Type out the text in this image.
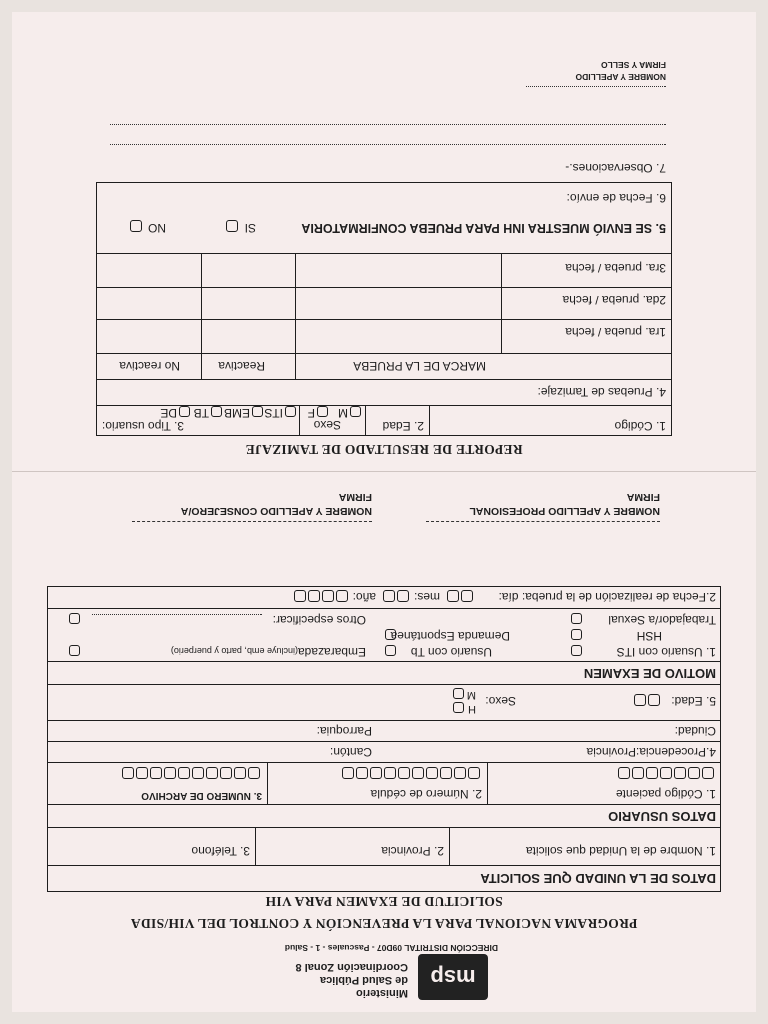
msp
Ministerio
de Salud Pública
Coordinación Zonal 8
DIRECCIÓN DISTRITAL 09D07 - Pascuales - 1 - Salud
PROGRAMA NACIONAL PARA LA PREVENCIÓN Y CONTROL DEL VIH/SIDA
SOLICITUD DE EXAMEN PARA VIH
DATOS DE LA UNIDAD QUE SOLICITA
1. Nombre de la Unidad que solicita
2. Provincia
3. Teléfono
DATOS USUARIO
1. Código paciente
2. Número de cédula
3. NUMERO DE ARCHIVO
4.Procedencia:Provincia
Cantón:
Ciudad:
Parroquia:
5. Edad:
Sexo:
H
M
MOTIVO DE EXAMEN
1. Usuario con ITS
HSH
Trabajador/a Sexual
Usuario con Tb
Demanda Espontánea
Embarazada(incluye emb, parto y puerperio)
Otros especificar:
2.Fecha de realización de la prueba: día:
mes:
año:
NOMBRE Y APELLIDO PROFESIONAL
FIRMA
NOMBRE Y APELLIDO CONSEJERO/A
FIRMA
REPORTE DE RESULTADO DE TAMIZAJE
1. Código
2. Edad
Sexo
M
F
3. Tipo usuario:
ITS
EMB
TB
DE
4. Pruebas de Tamizaje:
MARCA DE LA PRUEBA
Reactiva
No reactiva
1ra. prueba / fecha
2da. prueba / fecha
3ra. prueba / fecha
5. SE ENVIÓ MUESTRA INH PARA PRUEBA CONFIRMATORIA
SI
NO
6. Fecha de envío:
7. Observaciones.-
NOMBRE Y APELLIDO
FIRMA Y SELLO
